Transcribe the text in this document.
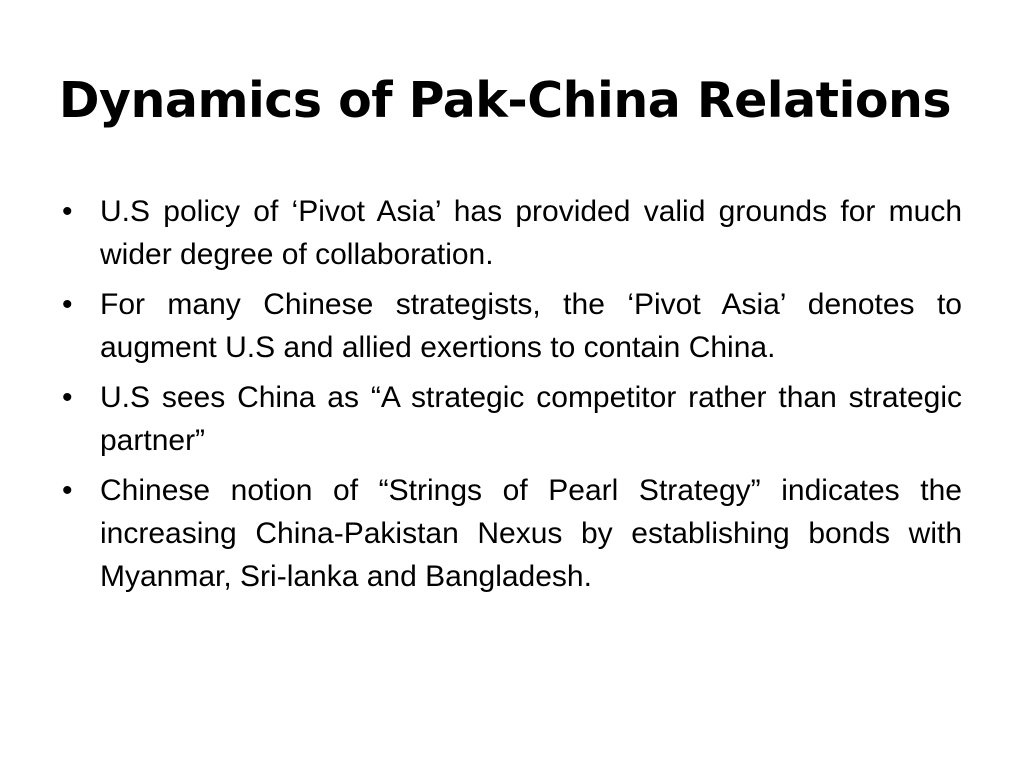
Dynamics of Pak-China Relations
• U.S policy of ‘Pivot Asia’ has provided valid grounds for much wider degree of collaboration.
• For many Chinese strategists, the ‘Pivot Asia’ denotes to augment U.S and allied exertions to contain China.
• U.S sees China as “A strategic competitor rather than strategic partner”
• Chinese notion of “Strings of Pearl Strategy” indicates the increasing China-Pakistan Nexus by establishing bonds with Myanmar, Sri-lanka and Bangladesh.
